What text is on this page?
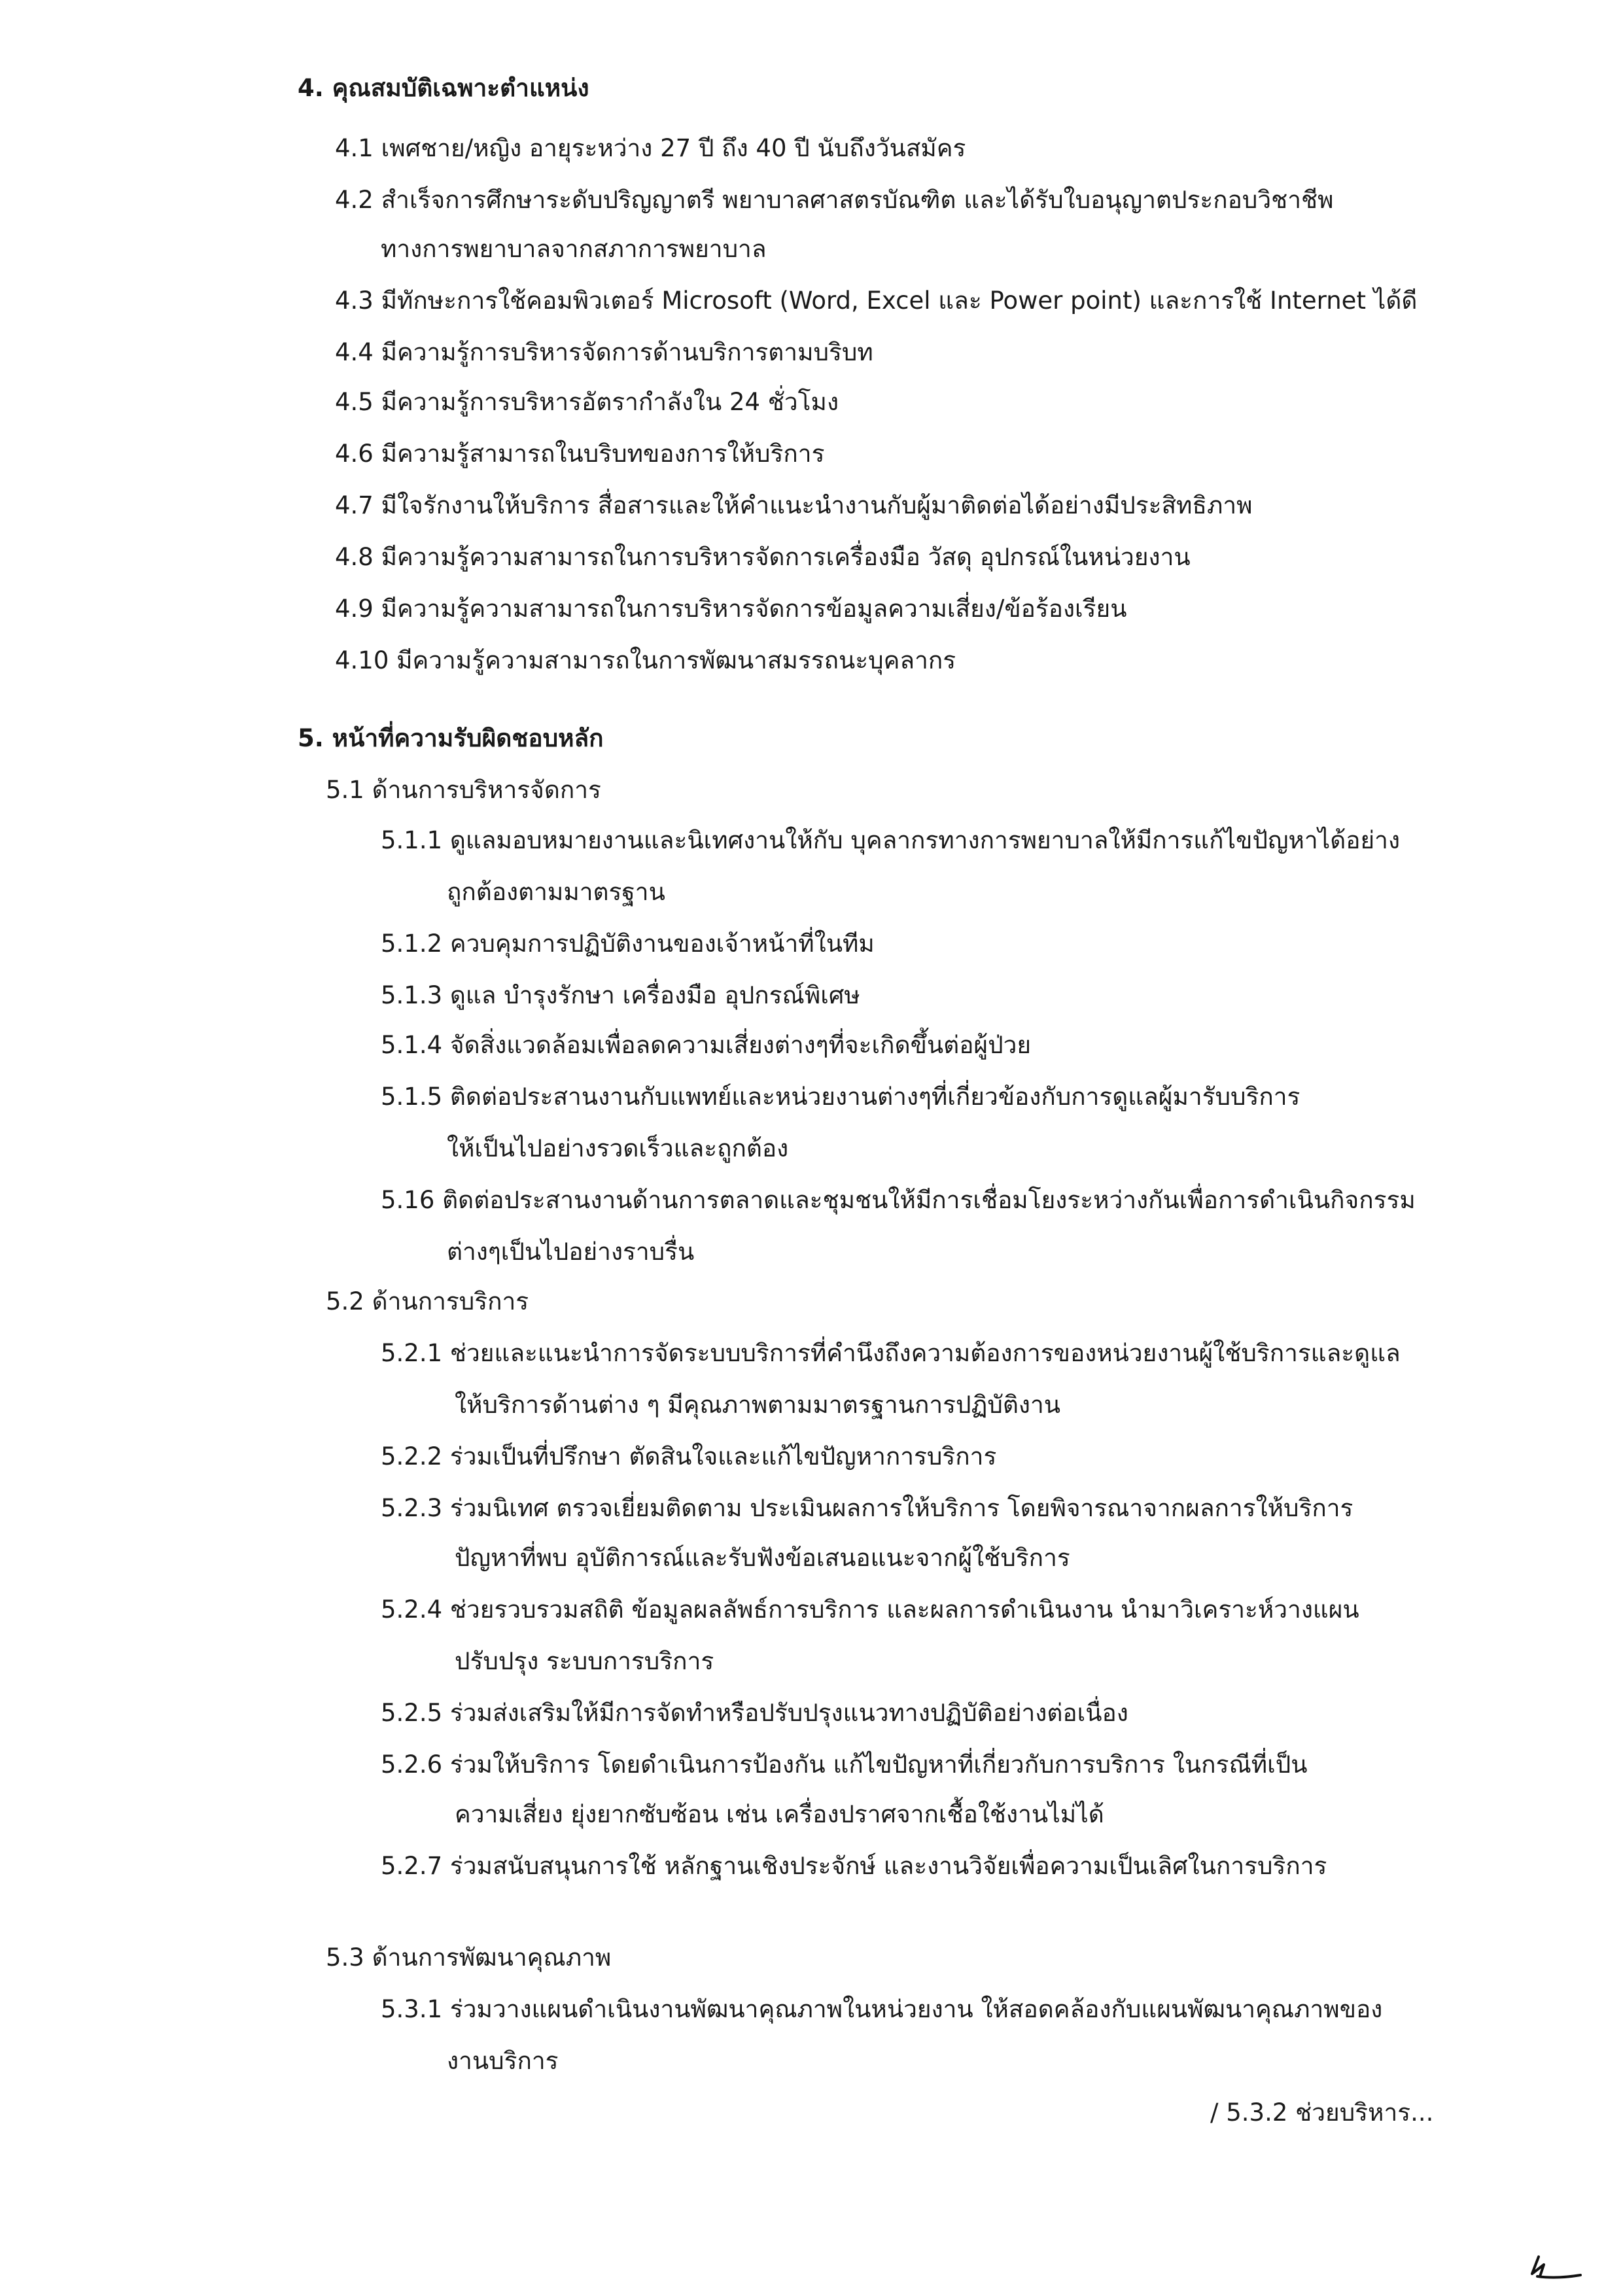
4. คุณสมบัติเฉพาะตำแหน่ง
4.1 เพศชาย/หญิง อายุระหว่าง 27 ปี ถึง 40 ปี นับถึงวันสมัคร
4.2 สำเร็จการศึกษาระดับปริญญาตรี พยาบาลศาสตรบัณฑิต และได้รับใบอนุญาตประกอบวิชาชีพ
ทางการพยาบาลจากสภาการพยาบาล
4.3 มีทักษะการใช้คอมพิวเตอร์ Microsoft (Word, Excel และ Power point) และการใช้ Internet ได้ดี
4.4 มีความรู้การบริหารจัดการด้านบริการตามบริบท
4.5 มีความรู้การบริหารอัตรากำลังใน 24 ชั่วโมง
4.6 มีความรู้สามารถในบริบทของการให้บริการ
4.7 มีใจรักงานให้บริการ สื่อสารและให้คำแนะนำงานกับผู้มาติดต่อได้อย่างมีประสิทธิภาพ
4.8 มีความรู้ความสามารถในการบริหารจัดการเครื่องมือ วัสดุ อุปกรณ์ในหน่วยงาน
4.9 มีความรู้ความสามารถในการบริหารจัดการข้อมูลความเสี่ยง/ข้อร้องเรียน
4.10 มีความรู้ความสามารถในการพัฒนาสมรรถนะบุคลากร
5. หน้าที่ความรับผิดชอบหลัก
5.1 ด้านการบริหารจัดการ
5.1.1 ดูแลมอบหมายงานและนิเทศงานให้กับ บุคลากรทางการพยาบาลให้มีการแก้ไขปัญหาได้อย่าง
ถูกต้องตามมาตรฐาน
5.1.2 ควบคุมการปฏิบัติงานของเจ้าหน้าที่ในทีม
5.1.3 ดูแล บำรุงรักษา เครื่องมือ อุปกรณ์พิเศษ
5.1.4 จัดสิ่งแวดล้อมเพื่อลดความเสี่ยงต่างๆที่จะเกิดขึ้นต่อผู้ป่วย
5.1.5 ติดต่อประสานงานกับแพทย์และหน่วยงานต่างๆที่เกี่ยวข้องกับการดูแลผู้มารับบริการ
ให้เป็นไปอย่างรวดเร็วและถูกต้อง
5.16 ติดต่อประสานงานด้านการตลาดและชุมชนให้มีการเชื่อมโยงระหว่างกันเพื่อการดำเนินกิจกรรม
ต่างๆเป็นไปอย่างราบรื่น
5.2 ด้านการบริการ
5.2.1 ช่วยและแนะนำการจัดระบบบริการที่คำนึงถึงความต้องการของหน่วยงานผู้ใช้บริการและดูแล
ให้บริการด้านต่าง ๆ มีคุณภาพตามมาตรฐานการปฏิบัติงาน
5.2.2 ร่วมเป็นที่ปรึกษา ตัดสินใจและแก้ไขปัญหาการบริการ
5.2.3 ร่วมนิเทศ ตรวจเยี่ยมติดตาม ประเมินผลการให้บริการ โดยพิจารณาจากผลการให้บริการ
ปัญหาที่พบ อุบัติการณ์และรับฟังข้อเสนอแนะจากผู้ใช้บริการ
5.2.4 ช่วยรวบรวมสถิติ ข้อมูลผลลัพธ์การบริการ และผลการดำเนินงาน นำมาวิเคราะห์วางแผน
ปรับปรุง ระบบการบริการ
5.2.5 ร่วมส่งเสริมให้มีการจัดทำหรือปรับปรุงแนวทางปฏิบัติอย่างต่อเนื่อง
5.2.6 ร่วมให้บริการ โดยดำเนินการป้องกัน แก้ไขปัญหาที่เกี่ยวกับการบริการ ในกรณีที่เป็น
ความเสี่ยง ยุ่งยากซับซ้อน เช่น เครื่องปราศจากเชื้อใช้งานไม่ได้
5.2.7 ร่วมสนับสนุนการใช้ หลักฐานเชิงประจักษ์ และงานวิจัยเพื่อความเป็นเลิศในการบริการ
5.3 ด้านการพัฒนาคุณภาพ
5.3.1 ร่วมวางแผนดำเนินงานพัฒนาคุณภาพในหน่วยงาน ให้สอดคล้องกับแผนพัฒนาคุณภาพของ
งานบริการ
/ 5.3.2 ช่วยบริหาร...
